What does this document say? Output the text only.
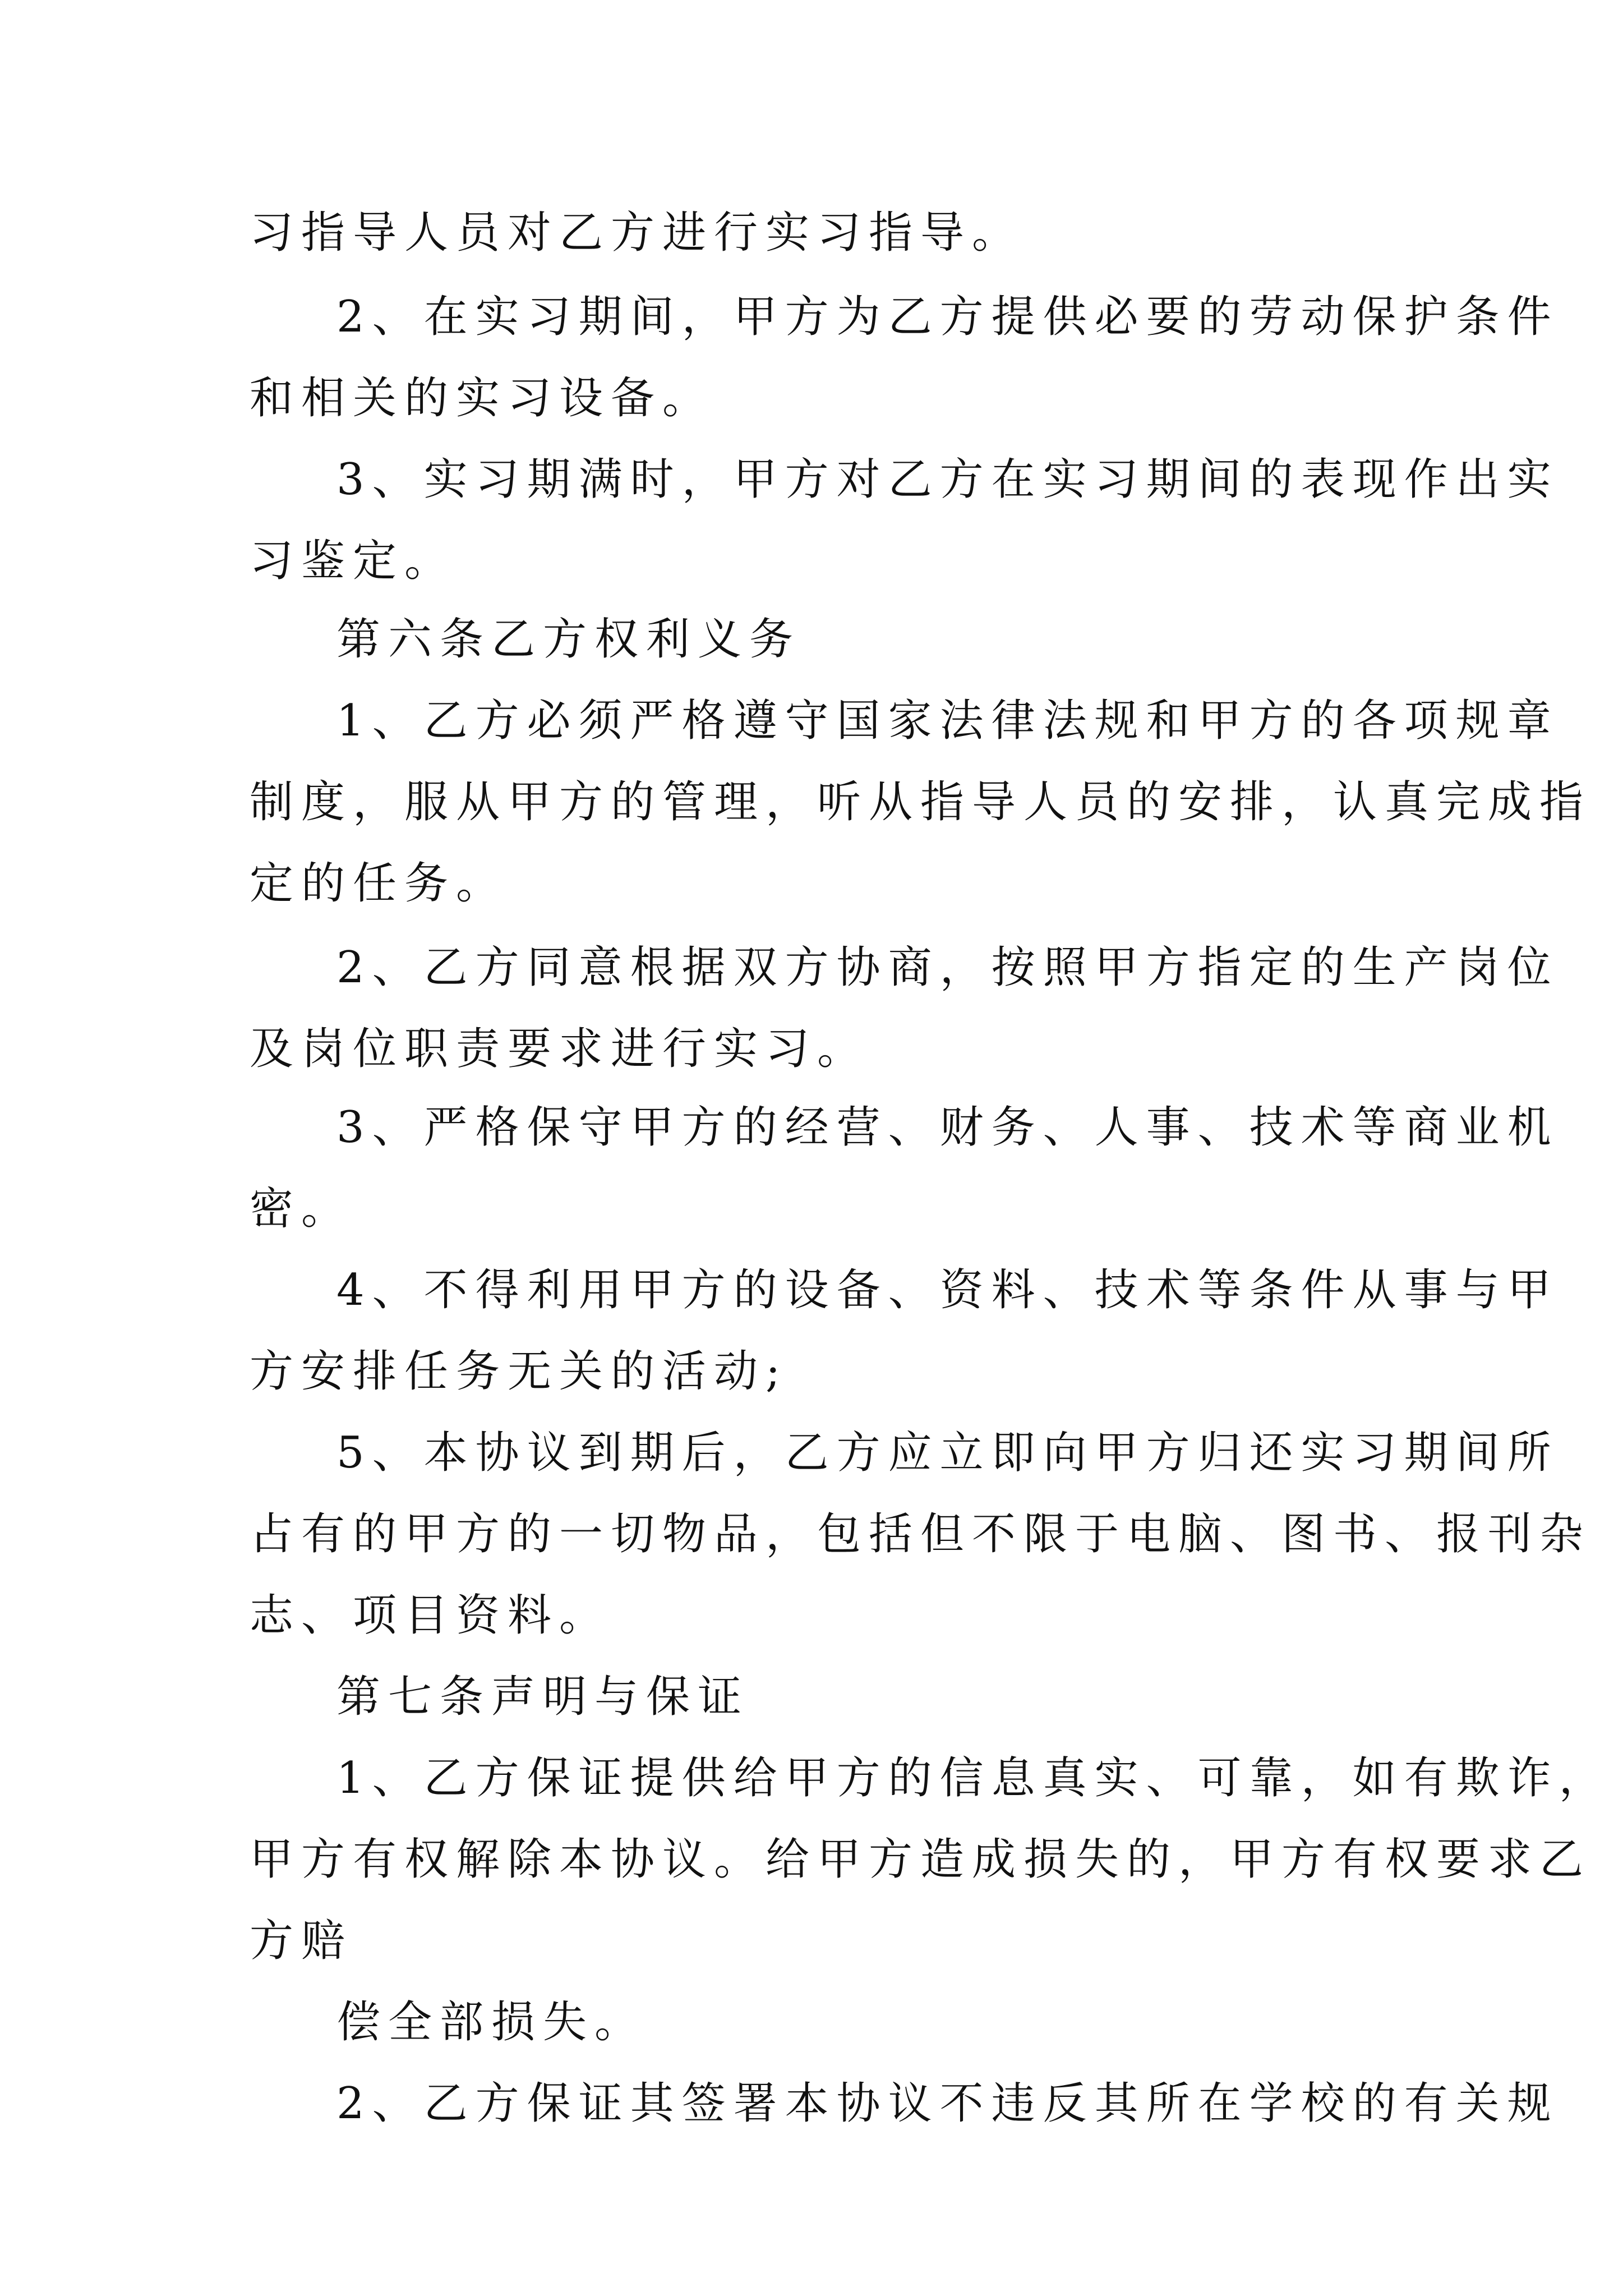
习指导人员对乙方进行实习指导。

2、在实习期间，甲方为乙方提供必要的劳动保护条件

和相关的实习设备。

3、实习期满时，甲方对乙方在实习期间的表现作出实

习鉴定。

第六条乙方权利义务

1、乙方必须严格遵守国家法律法规和甲方的各项规章

制度，服从甲方的管理，听从指导人员的安排，认真完成指

定的任务。

2、乙方同意根据双方协商，按照甲方指定的生产岗位

及岗位职责要求进行实习。

3、严格保守甲方的经营、财务、人事、技术等商业机

密。

4、不得利用甲方的设备、资料、技术等条件从事与甲

方安排任务无关的活动;

5、本协议到期后，乙方应立即向甲方归还实习期间所

占有的甲方的一切物品，包括但不限于电脑、图书、报刊杂

志、项目资料。

第七条声明与保证

1、乙方保证提供给甲方的信息真实、可靠，如有欺诈，

甲方有权解除本协议。给甲方造成损失的，甲方有权要求乙

方赔

偿全部损失。

2、乙方保证其签署本协议不违反其所在学校的有关规
